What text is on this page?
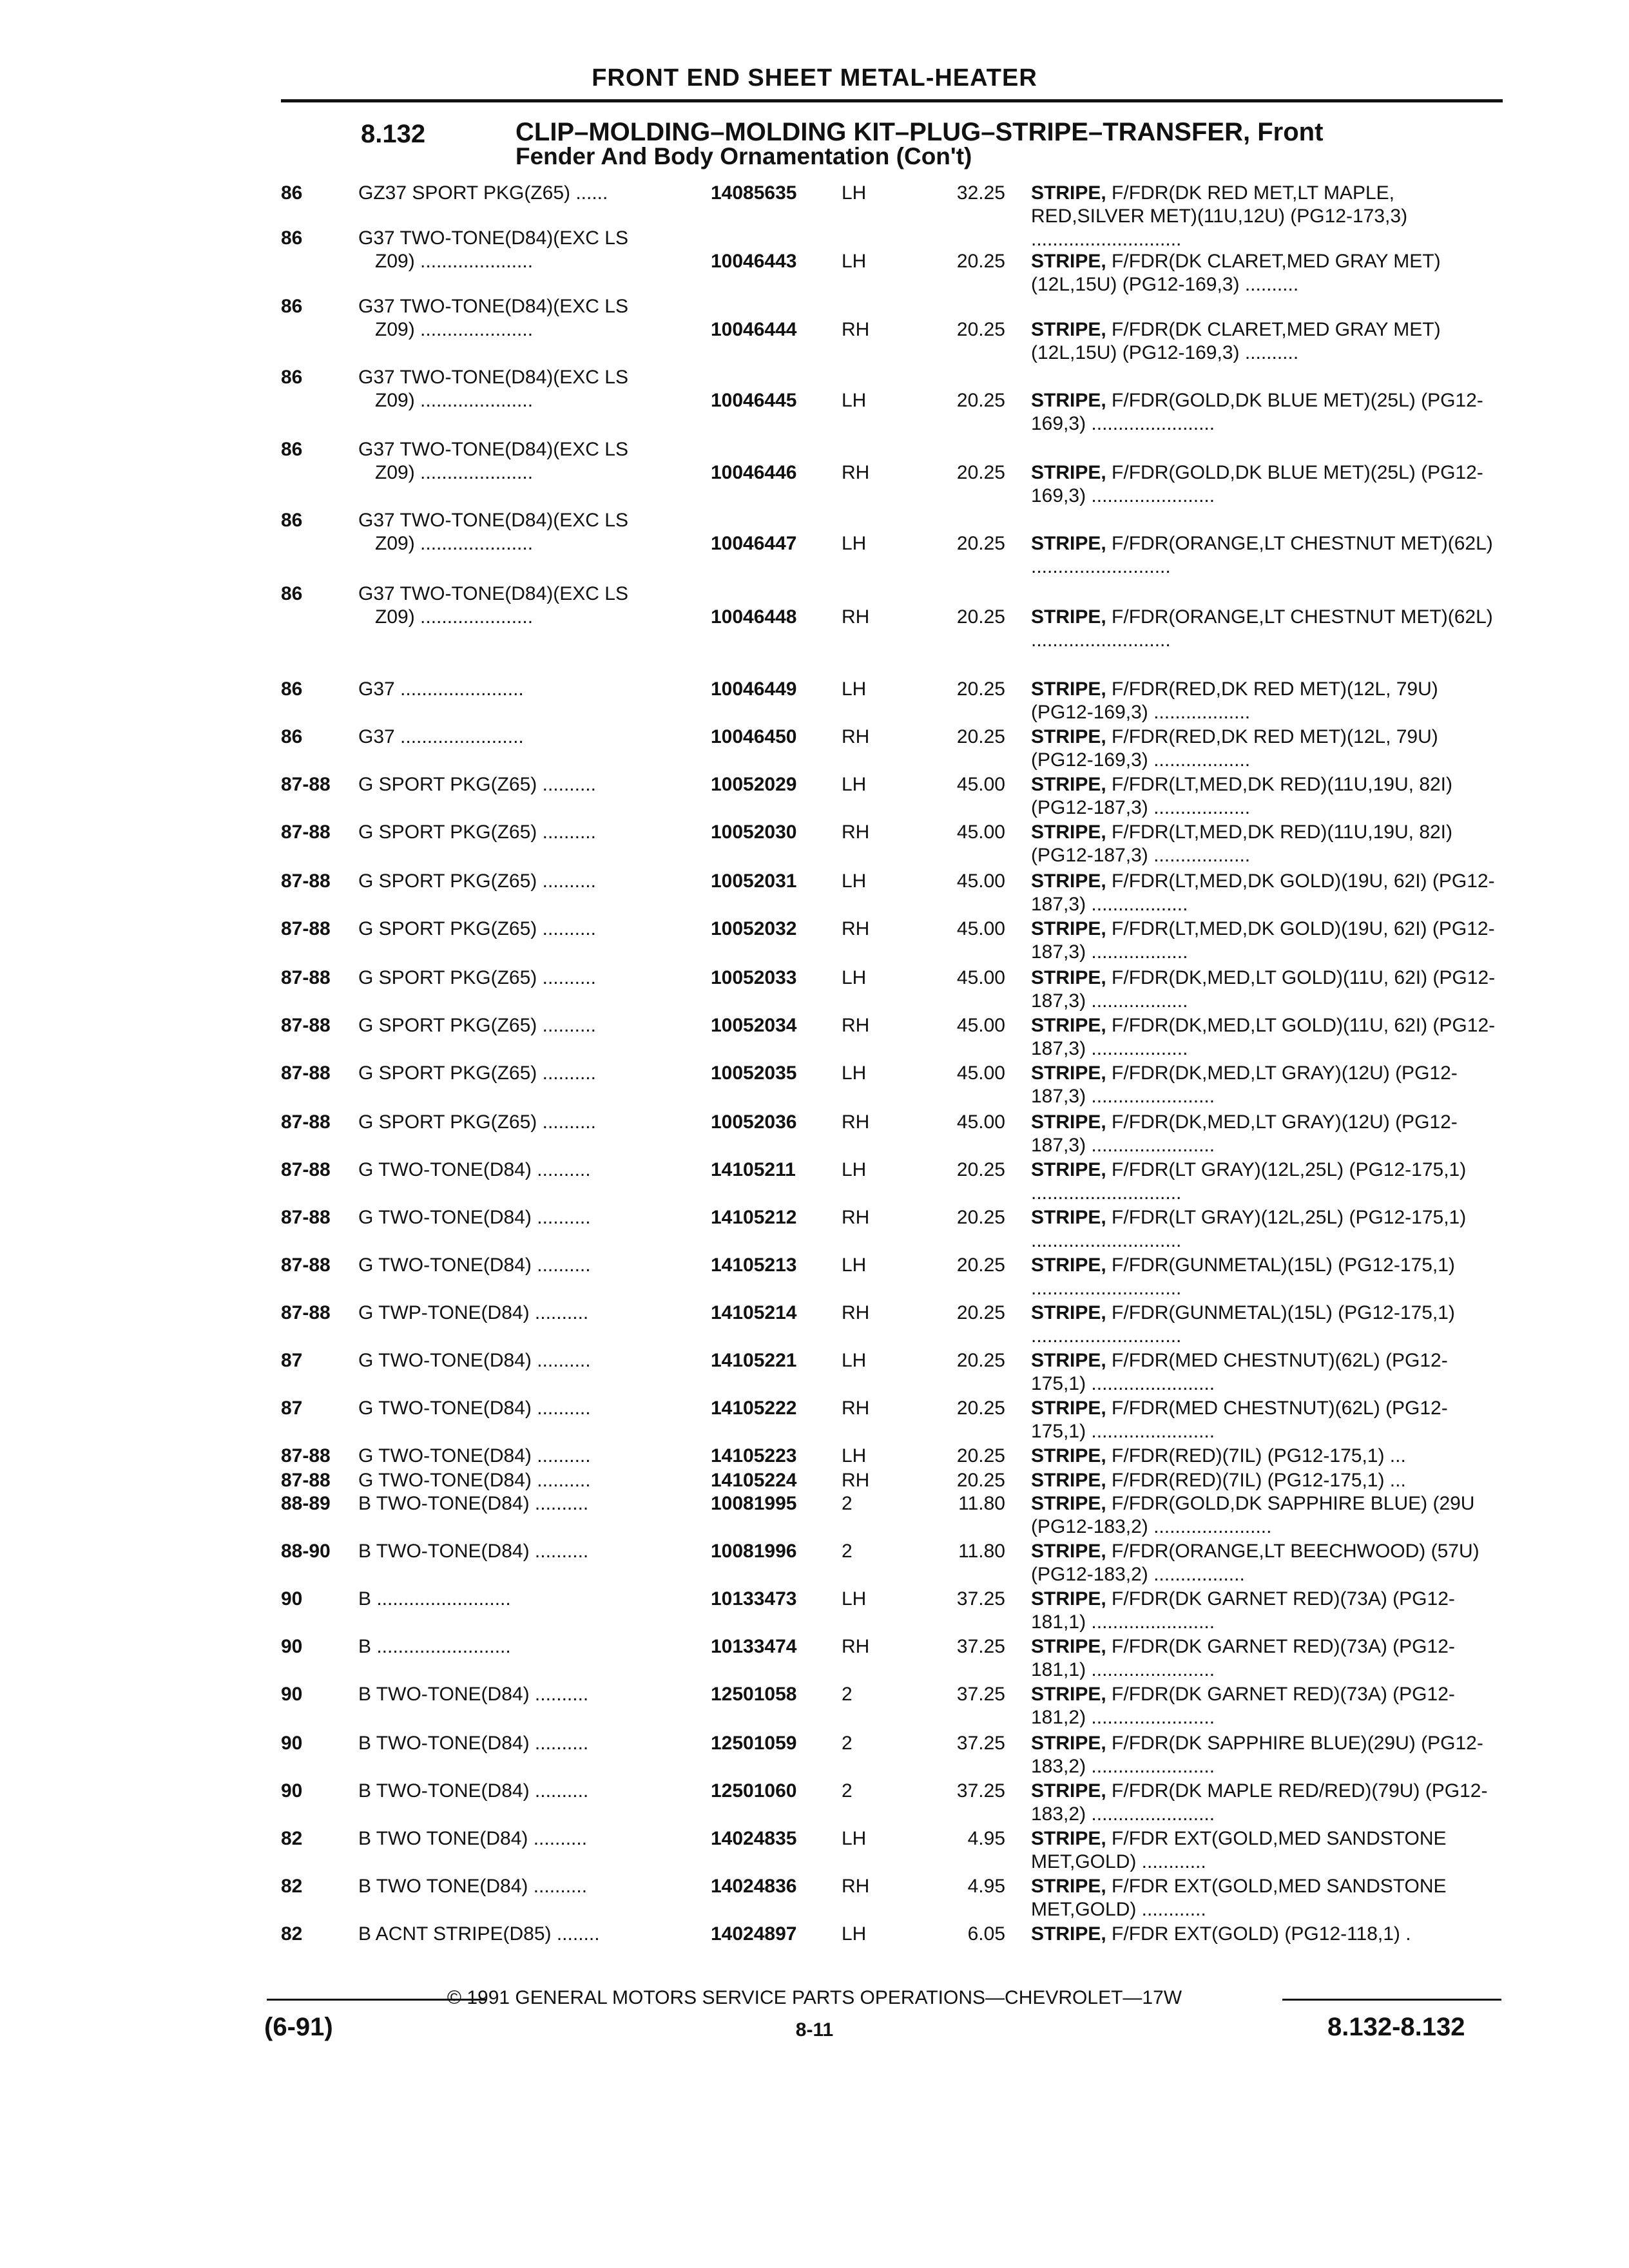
FRONT END SHEET METAL-HEATER
8.132	CLIP–MOLDING–MOLDING KIT–PLUG–STRIPE–TRANSFER, Front
Fender And Body Ornamentation (Con't)
86	GZ37 SPORT PKG(Z65) ......	14085635 LH	32.25 STRIPE, F/FDR(DK RED MET,LT MAPLE, RED,SILVER MET)(11U,12U) (PG12-173,3) ............................
86	G37 TWO-TONE(D84)(EXC LS
Z09) .....................	10046443 LH	20.25 STRIPE, F/FDR(DK CLARET,MED GRAY MET)(12L,15U) (PG12-169,3) ..........
86	G37 TWO-TONE(D84)(EXC LS
Z09) .....................	10046444 RH	20.25 STRIPE, F/FDR(DK CLARET,MED GRAY MET)(12L,15U) (PG12-169,3) ..........
86	G37 TWO-TONE(D84)(EXC LS
Z09) .....................	10046445 LH	20.25 STRIPE, F/FDR(GOLD,DK BLUE MET)(25L) (PG12-169,3) .......................
86	G37 TWO-TONE(D84)(EXC LS
Z09) .....................	10046446 RH	20.25 STRIPE, F/FDR(GOLD,DK BLUE MET)(25L) (PG12-169,3) .......................
86	G37 TWO-TONE(D84)(EXC LS
Z09) .....................	10046447 LH	20.25 STRIPE, F/FDR(ORANGE,LT CHESTNUT MET)(62L) ..........................
86	G37 TWO-TONE(D84)(EXC LS
Z09) .....................	10046448 RH	20.25 STRIPE, F/FDR(ORANGE,LT CHESTNUT MET)(62L) ..........................
86	G37 .......................	10046449 LH	20.25 STRIPE, F/FDR(RED,DK RED MET)(12L, 79U) (PG12-169,3) ..................
86	G37 .......................	10046450 RH	20.25 STRIPE, F/FDR(RED,DK RED MET)(12L, 79U) (PG12-169,3) ..................
87-88 G SPORT PKG(Z65) ..........	10052029 LH	45.00 STRIPE, F/FDR(LT,MED,DK RED)(11U,19U, 82I) (PG12-187,3) ..................
87-88 G SPORT PKG(Z65) ..........	10052030 RH	45.00 STRIPE, F/FDR(LT,MED,DK RED)(11U,19U, 82I) (PG12-187,3) ..................
87-88 G SPORT PKG(Z65) ..........	10052031 LH	45.00 STRIPE, F/FDR(LT,MED,DK GOLD)(19U, 62I) (PG12-187,3) ..................
87-88 G SPORT PKG(Z65) ..........	10052032 RH	45.00 STRIPE, F/FDR(LT,MED,DK GOLD)(19U, 62I) (PG12-187,3) ..................
87-88 G SPORT PKG(Z65) ..........	10052033 LH	45.00 STRIPE, F/FDR(DK,MED,LT GOLD)(11U, 62I) (PG12-187,3) ..................
87-88 G SPORT PKG(Z65) ..........	10052034 RH	45.00 STRIPE, F/FDR(DK,MED,LT GOLD)(11U, 62I) (PG12-187,3) ..................
87-88 G SPORT PKG(Z65) ..........	10052035 LH	45.00 STRIPE, F/FDR(DK,MED,LT GRAY)(12U) (PG12-187,3) .......................
87-88 G SPORT PKG(Z65) ..........	10052036 RH	45.00 STRIPE, F/FDR(DK,MED,LT GRAY)(12U) (PG12-187,3) .......................
87-88 G TWO-TONE(D84) ..........	14105211 LH	20.25 STRIPE, F/FDR(LT GRAY)(12L,25L) (PG12-175,1) ............................
87-88 G TWO-TONE(D84) ..........	14105212 RH	20.25 STRIPE, F/FDR(LT GRAY)(12L,25L) (PG12-175,1) ............................
87-88 G TWO-TONE(D84) ..........	14105213 LH	20.25 STRIPE, F/FDR(GUNMETAL)(15L) (PG12-175,1) ............................
87-88 G TWP-TONE(D84) ..........	14105214 RH	20.25 STRIPE, F/FDR(GUNMETAL)(15L) (PG12-175,1) ............................
87	G TWO-TONE(D84) ..........	14105221 LH	20.25 STRIPE, F/FDR(MED CHESTNUT)(62L) (PG12-175,1) .......................
87	G TWO-TONE(D84) ..........	14105222 RH	20.25 STRIPE, F/FDR(MED CHESTNUT)(62L) (PG12-175,1) .......................
87-88 G TWO-TONE(D84) ..........	14105223 LH	20.25 STRIPE, F/FDR(RED)(7IL) (PG12-175,1) ...
87-88 G TWO-TONE(D84) ..........	14105224 RH	20.25 STRIPE, F/FDR(RED)(7IL) (PG12-175,1) ...
88-89 B TWO-TONE(D84) ..........	10081995 2	11.80 STRIPE, F/FDR(GOLD,DK SAPPHIRE BLUE) (29U (PG12-183,2) ......................
88-90 B TWO-TONE(D84) ..........	10081996 2	11.80 STRIPE, F/FDR(ORANGE,LT BEECHWOOD) (57U) (PG12-183,2) .................
90	B .........................	10133473 LH	37.25 STRIPE, F/FDR(DK GARNET RED)(73A) (PG12-181,1) .......................
90	B .........................	10133474 RH	37.25 STRIPE, F/FDR(DK GARNET RED)(73A) (PG12-181,1) .......................
90	B TWO-TONE(D84) ..........	12501058 2	37.25 STRIPE, F/FDR(DK GARNET RED)(73A) (PG12-181,2) .......................
90	B TWO-TONE(D84) ..........	12501059 2	37.25 STRIPE, F/FDR(DK SAPPHIRE BLUE)(29U) (PG12-183,2) .......................
90	B TWO-TONE(D84) ..........	12501060 2	37.25 STRIPE, F/FDR(DK MAPLE RED/RED)(79U) (PG12-183,2) .......................
82	B TWO TONE(D84) ..........	14024835 LH	4.95 STRIPE, F/FDR EXT(GOLD,MED SANDSTONE MET,GOLD) ............
82	B TWO TONE(D84) ..........	14024836 RH	4.95 STRIPE, F/FDR EXT(GOLD,MED SANDSTONE MET,GOLD) ............
82	B ACNT STRIPE(D85) ........	14024897 LH	6.05 STRIPE, F/FDR EXT(GOLD) (PG12-118,1) .
© 1991 GENERAL MOTORS SERVICE PARTS OPERATIONS—CHEVROLET—17W
(6-91)	8-11	8.132-8.132
